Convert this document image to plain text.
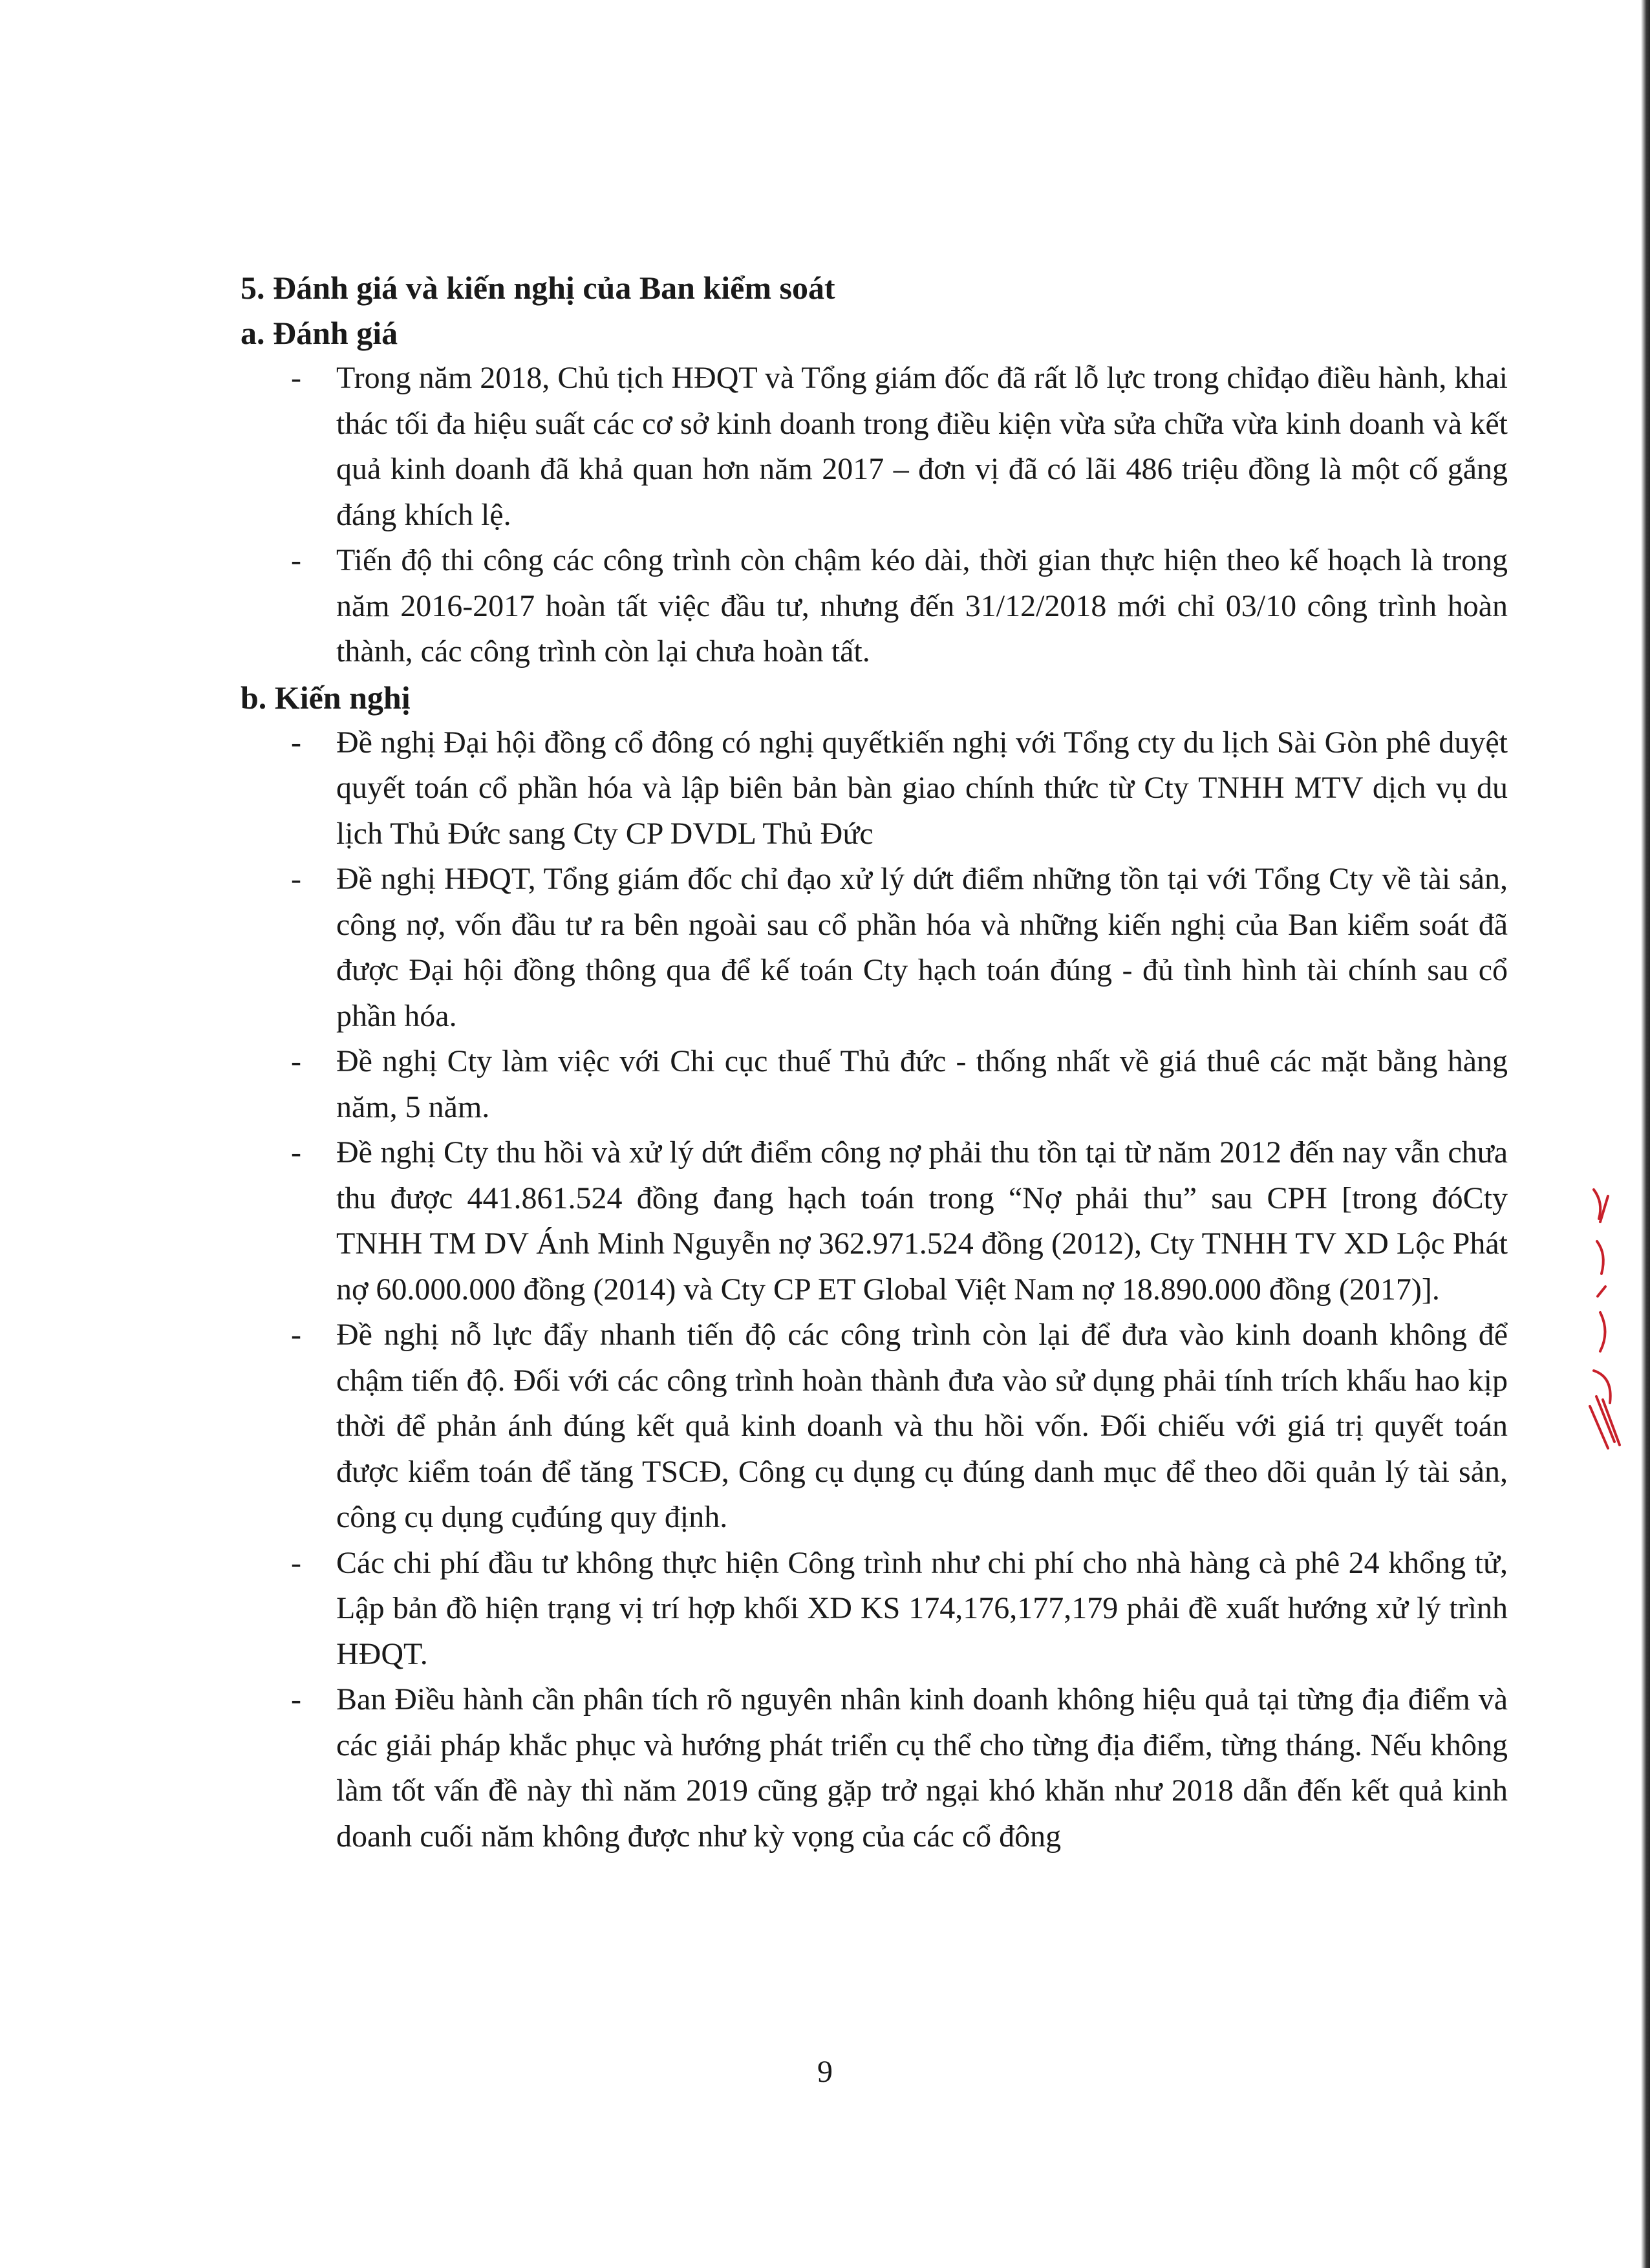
5. Đánh giá và kiến nghị của Ban kiểm soát
a. Đánh giá
- Trong năm 2018, Chủ tịch HĐQT và Tổng giám đốc đã rất lỗ lực trong chỉđạo điều hành, khai thác tối đa hiệu suất các cơ sở kinh doanh trong điều kiện vừa sửa chữa vừa kinh doanh và kết quả kinh doanh đã khả quan hơn năm 2017 – đơn vị đã có lãi 486 triệu đồng là một cố gắng đáng khích lệ.
- Tiến độ thi công các công trình còn chậm kéo dài, thời gian thực hiện theo kế hoạch là trong năm 2016-2017 hoàn tất việc đầu tư, nhưng đến 31/12/2018 mới chỉ 03/10 công trình hoàn thành, các công trình còn lại chưa hoàn tất.
b. Kiến nghị
- Đề nghị Đại hội đồng cổ đông có nghị quyếtkiến nghị với Tổng cty du lịch Sài Gòn phê duyệt quyết toán cổ phần hóa và lập biên bản bàn giao chính thức từ Cty TNHH MTV dịch vụ du lịch Thủ Đức sang Cty CP DVDL Thủ Đức
- Đề nghị HĐQT, Tổng giám đốc chỉ đạo xử lý dứt điểm những tồn tại với Tổng Cty về tài sản, công nợ, vốn đầu tư ra bên ngoài sau cổ phần hóa và những kiến nghị của Ban kiểm soát đã được Đại hội đồng thông qua để kế toán Cty hạch toán đúng - đủ tình hình tài chính sau cổ phần hóa.
- Đề nghị Cty làm việc với Chi cục thuế Thủ đức - thống nhất về giá thuê các mặt bằng hàng năm, 5 năm.
- Đề nghị Cty thu hồi và xử lý dứt điểm công nợ phải thu tồn tại từ năm 2012 đến nay vẫn chưa thu được 441.861.524 đồng đang hạch toán trong “Nợ phải thu” sau CPH [trong đóCty TNHH TM DV Ánh Minh Nguyễn nợ 362.971.524 đồng (2012), Cty TNHH TV XD Lộc Phát nợ 60.000.000 đồng (2014) và Cty CP ET Global Việt Nam nợ 18.890.000 đồng (2017)].
- Đề nghị nỗ lực đẩy nhanh tiến độ các công trình còn lại để đưa vào kinh doanh không để chậm tiến độ. Đối với các công trình hoàn thành đưa vào sử dụng phải tính trích khấu hao kịp thời để phản ánh đúng kết quả kinh doanh và thu hồi vốn. Đối chiếu với giá trị quyết toán được kiểm toán để tăng TSCĐ, Công cụ dụng cụ đúng danh mục để theo dõi quản lý tài sản, công cụ dụng cụđúng quy định.
- Các chi phí đầu tư không thực hiện Công trình như chi phí cho nhà hàng cà phê 24 khổng tử, Lập bản đồ hiện trạng vị trí hợp khối XD KS 174,176,177,179 phải đề xuất hướng xử lý trình HĐQT.
- Ban Điều hành cần phân tích rõ nguyên nhân kinh doanh không hiệu quả tại từng địa điểm và các giải pháp khắc phục và hướng phát triển cụ thể cho từng địa điểm, từng tháng. Nếu không làm tốt vấn đề này thì năm 2019 cũng gặp trở ngại khó khăn như 2018 dẫn đến kết quả kinh doanh cuối năm không được như kỳ vọng của các cổ đông
9
